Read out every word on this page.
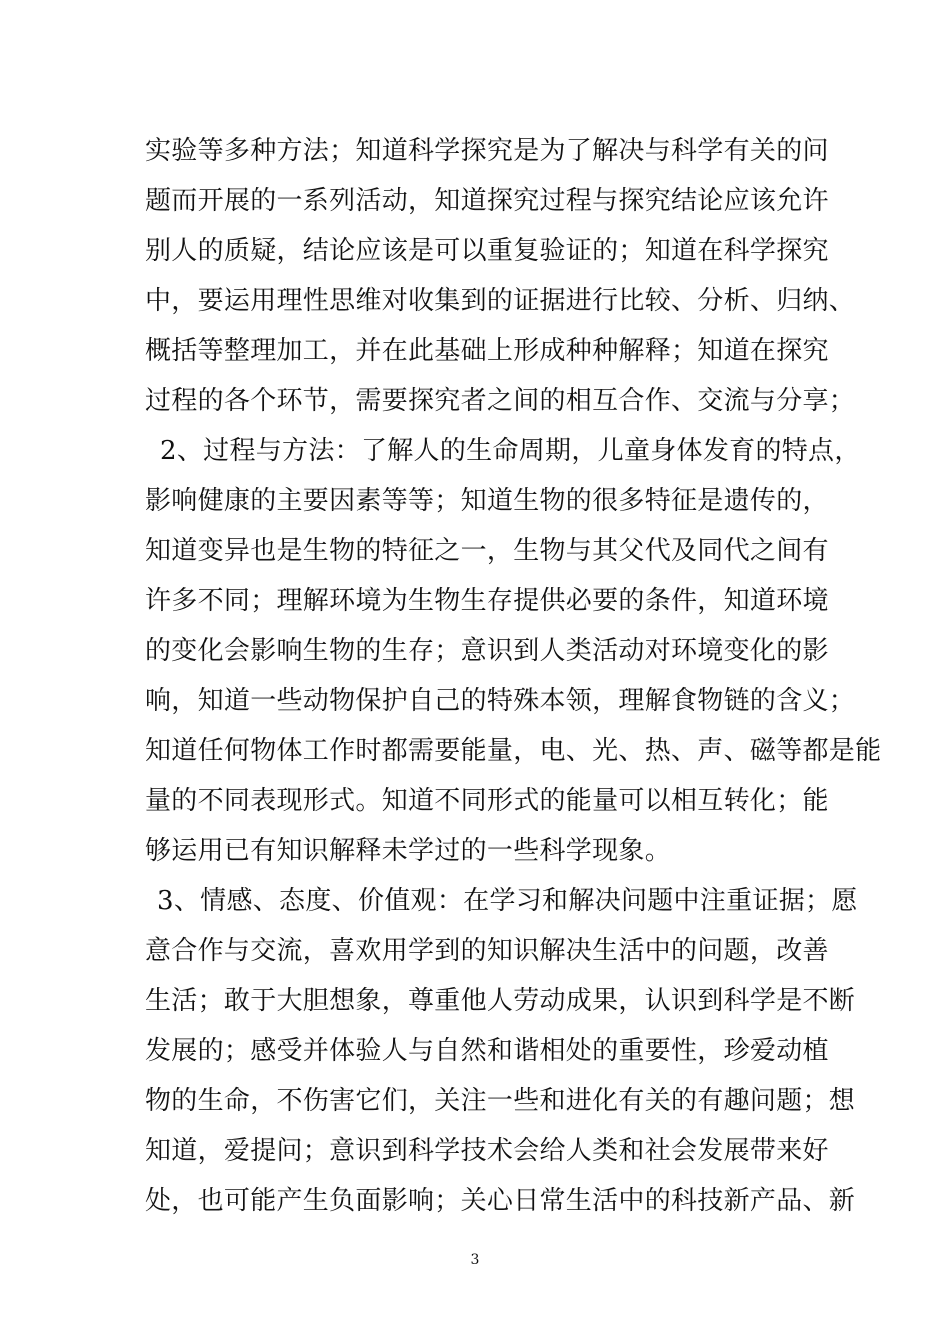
实验等多种方法；知道科学探究是为了解决与科学有关的问
题而开展的一系列活动，知道探究过程与探究结论应该允许
别人的质疑，结论应该是可以重复验证的；知道在科学探究
中，要运用理性思维对收集到的证据进行比较、分析、归纳、
概括等整理加工，并在此基础上形成种种解释；知道在探究
过程的各个环节，需要探究者之间的相互合作、交流与分享；
2、过程与方法：了解人的生命周期，儿童身体发育的特点，
影响健康的主要因素等等；知道生物的很多特征是遗传的，
知道变异也是生物的特征之一，生物与其父代及同代之间有
许多不同；理解环境为生物生存提供必要的条件，知道环境
的变化会影响生物的生存；意识到人类活动对环境变化的影
响，知道一些动物保护自己的特殊本领，理解食物链的含义；
知道任何物体工作时都需要能量，电、光、热、声、磁等都是能
量的不同表现形式。知道不同形式的能量可以相互转化；能
够运用已有知识解释未学过的一些科学现象。
3、情感、态度、价值观：在学习和解决问题中注重证据；愿
意合作与交流，喜欢用学到的知识解决生活中的问题，改善
生活；敢于大胆想象，尊重他人劳动成果，认识到科学是不断
发展的；感受并体验人与自然和谐相处的重要性，珍爱动植
物的生命，不伤害它们，关注一些和进化有关的有趣问题；想
知道，爱提问；意识到科学技术会给人类和社会发展带来好
处，也可能产生负面影响；关心日常生活中的科技新产品、新
3
